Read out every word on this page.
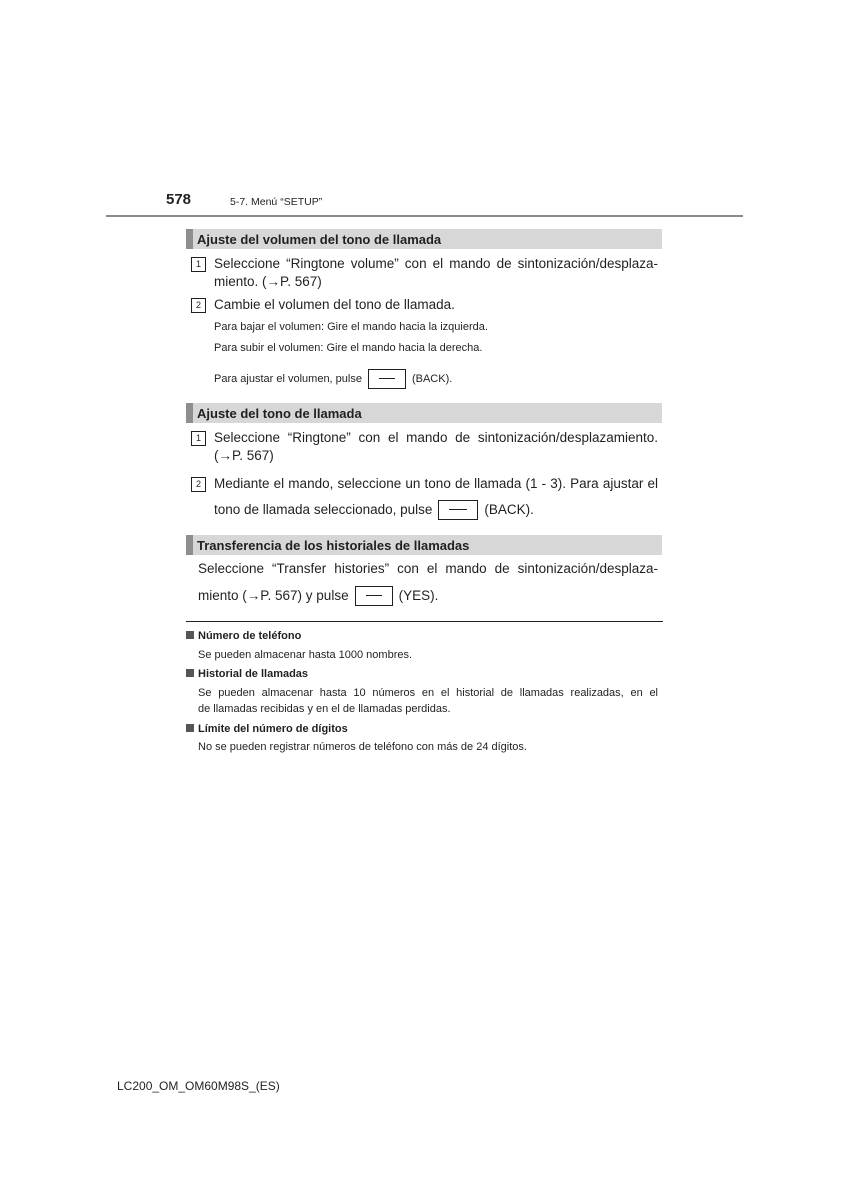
578	5-7. Menú “SETUP”
Ajuste del volumen del tono de llamada
1 Seleccione “Ringtone volume” con el mando de sintonización/desplaza-
miento. (→P. 567)
2 Cambie el volumen del tono de llamada.
Para bajar el volumen: Gire el mando hacia la izquierda.
Para subir el volumen: Gire el mando hacia la derecha.
Para ajustar el volumen, pulse	(BACK).
Ajuste del tono de llamada
1 Seleccione “Ringtone” con el mando de sintonización/desplazamiento.
(→P. 567)
2 Mediante el mando, seleccione un tono de llamada (1 - 3). Para ajustar el
tono de llamada seleccionado, pulse	(BACK).
Transferencia de los historiales de llamadas
Seleccione “Transfer histories” con el mando de sintonización/desplaza-
miento (→P. 567) y pulse	(YES).
Número de teléfono
Se pueden almacenar hasta 1000 nombres.
Historial de llamadas
Se pueden almacenar hasta 10 números en el historial de llamadas realizadas, en el
de llamadas recibidas y en el de llamadas perdidas.
Límite del número de dígitos
No se pueden registrar números de teléfono con más de 24 dígitos.
LC200_OM_OM60M98S_(ES)
